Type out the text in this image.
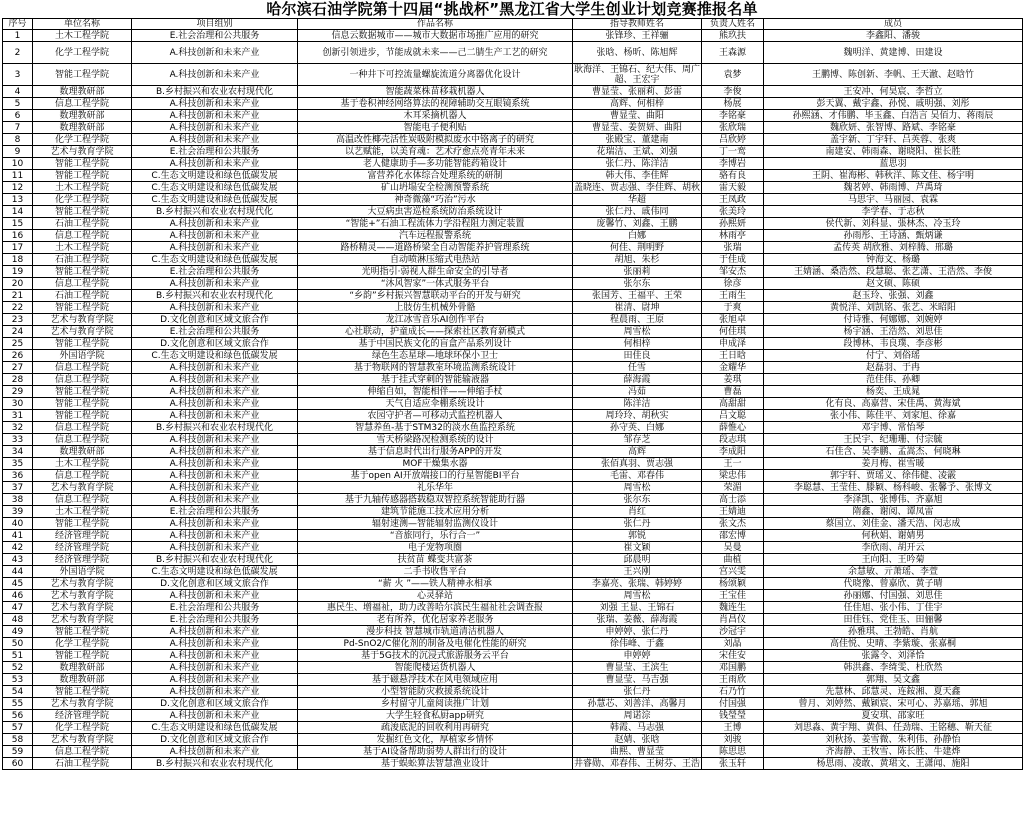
哈尔滨石油学院第十四届“挑战杯”黑龙江省大学生创业计划竞赛推报名单
序号	单位名称	项目组别	作品名称	指导教师姓名	负责人姓名	成员
1	土木工程学院	E.社会治理和公共服务	信息云数据城市——城市大数据市场推广应用的研究	张锋珍、王祥骊	熊玖扶	李鑫阳、潘骏
2	化学工程学院	A.科技创新和未来产业	创新引领进步，节能成就未来——己二腈生产工艺的研究	张晗、杨昕、陈旭辉	王森源	魏明洋、黄建博、田建设
3	智能工程学院	A.科技创新和未来产业	一种井下可控流量螺旋流道分离器优化设计	耿海洋、王锦石、纪大伟、周广超、王宏宇	袁梦	王鹏博、陈创新、李帆、王天澈、赵晗竹
4	数理教研部	B.乡村振兴和农业农村现代化	智能蔬菜株苗移栽机器人	曹显莹、张丽莉、彭雷	李俊	王安冲、何昊宸、李哲立
5	信息工程学院	A.科技创新和未来产业	基于卷积神经网络算法的视障辅助交互眼镜系统	高辉、何相梓	杨展	彭天翼、戴宇鑫、孙悦、戚明强、刘彤
6	数理教研部	A.科技创新和未来产业	木耳采摘机器人	曹显莹、曲阳	李铭豪	孙熙涵、才伟鹏、毕玉鑫、白浩言 吴佰力、蒋雨辰
7	数理教研部	A.科技创新和未来产业	智能电子便利贴	曹显莹、姜贺妍、曲阳	张欣瑞	魏欣妍、张智博、路斌、李铭豪
8	化学工程学院	A.科技创新和未来产业	高温改性椰壳活性炭吸附模拟废水中铬离子的研究	张殿宝、董建南	吕欣婷	盖宇新、丁宇轩、吕英蓉、张爽
9	艺术与教育学院	E.社会治理和公共服务	以艺赋能，以美育魂：艺术疗愈点亮青年未来	花瑞洁、王斌、刘强	丁一鸾	南建安、韩雨森、谢晓阳、崔长胜
10	智能工程学院	A.科技创新和未来产业	老人健康助手—多功能智能药箱设计	张仁丹、陈洋洁	李博岩	蓝思羽
11	智能工程学院	C.生态文明建设和绿色低碳发展	富营养化水体综合处理系统的研制	韩大伟、李佳辉	骆有良	王阴、崔海彬、韩秋洋、陈文佳、杨宇明
12	土木工程学院	C.生态文明建设和绿色低碳发展	矿山坍塌安全检测预警系统	盖晓连、贾志强、李佳辉、胡秋	雷天毅	魏茗婷、韩雨博、芦禹琦
13	化学工程学院	C.生态文明建设和绿色低碳发展	神奇微藻“巧治”污水	华超	王凤政	马思宇、马丽园、袁霖
14	智能工程学院	B.乡村振兴和农业农村现代化	大豆病虫害巡检系统防治系统设计	张仁丹、戚伟同	张美玲	李学春、于志秋
15	石油工程学院	A.科技创新和未来产业	“智能+”石油工程流体力学沿程阻力测定装置	庞馨竹、刘鑫、王鹏	孙熙妍	侯代新、刘科显、張林杰、冷玉玲
16	信息工程学院	A.科技创新和未来产业	汽车远程报警系统	白娜	林雨亭	孙雨彤、王诗涵、甄炳谦
17	土木工程学院	A.科技创新和未来产业	路桥精灵——道路桥梁全自动智能养护管理系统	何佳、荆明野	张瑞	孟传英 胡欣雅、刘梓腾、邢璐
18	石油工程学院	C.生态文明建设和绿色低碳发展	自动喷淋压缩式电热站	胡旭、朱杉	于佳成	钟海文、杨璐
19	智能工程学院	E.社会治理和公共服务	光明指引·弱视人群生命安全的引导者	张丽莉	邹安杰	王婧涵、桑浩然、段慧聪、张艺潇、王浩然、李俊
20	信息工程学院	A.科技创新和未来产业	“沐风智家”一体式服务平台	张尔东	徐彦	赵文硕、陈硕
21	石油工程学院	B.乡村振兴和农业农村现代化	“乡韵”乡村振兴智慧联动平台的开发与研究	张国芳、王福平、王荣	王雨生	赵玉玲、张强、刘鑫
22	智能工程学院	A.科技创新和未来产业	上肢仿生机械外骨骼	崔清、尉坤	于爽	黄悦洋、刘凯铭、张艺、米昭阳
23	艺术与教育学院	D.文化创意和区域文旅合作	龙江冰雪音乐AI创作平台	程晨雨、王原	张旭卓	付诗雅、何娜娜、刘婉婷
24	艺术与教育学院	E.社会治理和公共服务	心社联动，护童成长——探索社区教育新模式	周雪松	何佳琪	杨宇涵、王浩然、刘思佳
25	智能工程学院	D.文化创意和区域文旅合作	基于中国民族文化的盲盒产品系列设计	何相梓	申成泽	段博林、韦良璞、李彦彬
26	外国语学院	C.生态文明建设和绿色低碳发展	绿色生态星球—地球环保小卫士	田佳良	王日晗	付宁、刘俗瑶
27	信息工程学院	A.科技创新和未来产业	基于物联网的智慧教室环境监测系统设计	任雪	金耀华	赵磊羽、于冉
28	信息工程学院	A.科技创新和未来产业	基于挂式穿刺的智能输液器	薛海霞	姜琪	范佳伟、孙卿
29	智能工程学院	A.科技创新和未来产业	伸缩自如，智能相伴——伸缩手杖	冯茹	曹磊	杨奕、王成晁
30	智能工程学院	A.科技创新和未来产业	天气自适应伞棚系统设计	陈洋洁	高甜甜	化有良、高嘉营、宋佳禹、黄海斌
31	智能工程学院	A.科技创新和未来产业	农园守护者—可移动式监控机器人	周玲玲、胡秋实	吕文聪	张小伟、陈佳平、刘家旭、徐嘉
32	信息工程学院	B.乡村振兴和农业农村现代化	智慧养鱼-基于STM32的淡水鱼监控系统	孙守英、白娜	薛惟心	邓宇博、常怡琴
33	信息工程学院	A.科技创新和未来产业	雪天桥梁路况检测系统的设计	邹存芝	段志琪	王民宇、纪珊珊、付宗毓
34	数理教研部	A.科技创新和未来产业	基于信息时代出行服务APP的开发	高辉	李成阳	石佳含、吴李鹏、孟嵩杰、何晓琳
35	土木工程学院	A.科技创新和未来产业	MOF干燥集水器	张佰真羽、贾志强	王一	姜月梅、崔雪暖
36	信息工程学院	A.科技创新和未来产业	基于open AI开放端接口的行星智能BI平台	毛雷、邓春伟	梁忠伟	郭宇轩、贾瑶义、徐伟健、凌霰
37	艺术与教育学院	A.科技创新和未来产业	礼乐华年	周雪松	荣湄	李聪慧、王莹佳、滕颖、杨科峻、张馨予、张博文
38	信息工程学院	A.科技创新和未来产业	基于九轴传感器搭载稳双智控系统智能助行器	张尔东	高士添	李泽凯、张博伟、齐嘉旭
39	土木工程学院	E.社会治理和公共服务	建筑节能施工技术应用分析	肖红	王婧迪	隋鑫、谢阅、谭凤雷
40	智能工程学院	A.科技创新和未来产业	辐射速测—智能辐射监测仪设计	张仁丹	张文杰	蔡国立、刘佳金、潘天浩、闵志成
41	经济管理学院	A.科技创新和未来产业	“音旅同行，乐行合一”	郭锐	邵宏博	何秋娟、谢婧男
42	经济管理学院	A.科技创新和未来产业	电子宠物项圈	崔文颖	吴曼	李欣雨、胡开云
43	经济管理学院	B.乡村振兴和农业农村现代化	扶贫苗 蝶变共富茶	邱晨明	曲植	王向阳、王吟菊
44	外国语学院	C.生态文明建设和绿色低碳发展	二手书收售平台	王兴刚	宫兴雯	余慧敏、亓萧瑶、李萱
45	艺术与教育学院	D.文化创意和区域文旅合作	“薪 火 ”——铁人精神永相承	李嘉亮、张瑞、韩婷婷	杨颂颖	代晓豫、曾嘉欣、黄子晴
46	艺术与教育学院	A.科技创新和未来产业	心灵驿站	周雪松	王宝佳	孙丽娜、付国强、刘思佳
47	艺术与教育学院	E.社会治理和公共服务	惠民生、增福祉，助力改善哈尔滨民生福祉社会调查报	刘强 王显、王锦石	魏连生	任佳旭、张小伟、丁佳宇
48	艺术与教育学院	E.社会治理和公共服务	老有所养，优化居家养老服务	张瑞、姜薇、薛海霞	肖昌仪	田佳钰、党佳玉、田俪馨
49	智能工程学院	A.科技创新和未来产业	漫步科技 智慧城市轨道清洁机器人	申婷婷、张仁丹	沙冠宇	孙雅琪、王勃皓、肖航
50	化学工程学院	A.科技创新和未来产业	Pd-SnO2/C催化剂的制备及电催化性能的研究	徐伟峰、于鑫	刘晶	高佳悦、史晴、李紫璇、张嘉桐
51	智能工程学院	A.科技创新和未来产业	基于5G技术的沉浸式旅游服务云平台	申婷婷	宋佳安	张露令、刘泽恰
52	数理教研部	A.科技创新和未来产业	智能爬楼运货机器人	曹显莹、王滨生	邓国鹏	韩洪鑫、李绮雯、杜欣然
53	数理教研部	A.科技创新和未来产业	基于磁悬浮技术在风电领域应用	曹显莹、马吉强	王雨欣	郭翔、吴文鑫
54	智能工程学院	A.科技创新和未来产业	小型智能防灾救援系统设计	张仁丹	石乃竹	先慧林、邱慧灵、连銨湘、夏天鑫
55	艺术与教育学院	D.文化创意和区域文旅合作	乡村留守儿童阅读推广计划	孙慧芯、刘善洋、高馨月	付国强	曾月、刘婷然、戴颖宸、宋可心、苏嘉瑶、郭旭
56	经济管理学院	A.科技创新和未来产业	大学生轻食私厨app研究	周诺淙	钱瑩瑩	夏安琪、邵家旺
57	化学工程学院	C.生态文明建设和绿色低碳发展	疏浚底泥的回收利用再研究	韩霞、马志强	王博	刘思淼、黄宇翔、黄俱、任劲瑞、王铭穗、靳天征
58	艺术与教育学院	D.文化创意和区域文旅合作	发掘红色文化，厚植家乡情怀	赵婧、张晗	刘骏	刘秋扬、姜雪微、朱利伟、孙静怡
59	信息工程学院	A.科技创新和未来产业	基于AI设备帮助弱势人群出行的设计	曲熙、曹显莹	陈思思	齐海静、王牧雪、陈长胜、牛建烨
60	石油工程学院	B.乡村振兴和农业农村现代化	基于蜈蚣算法智慧渔业设计	井睿勋、邓春伟、王树芬、王浩	张玉轩	杨思雨、凌敢、黄珺文、王潇闻、施阳
